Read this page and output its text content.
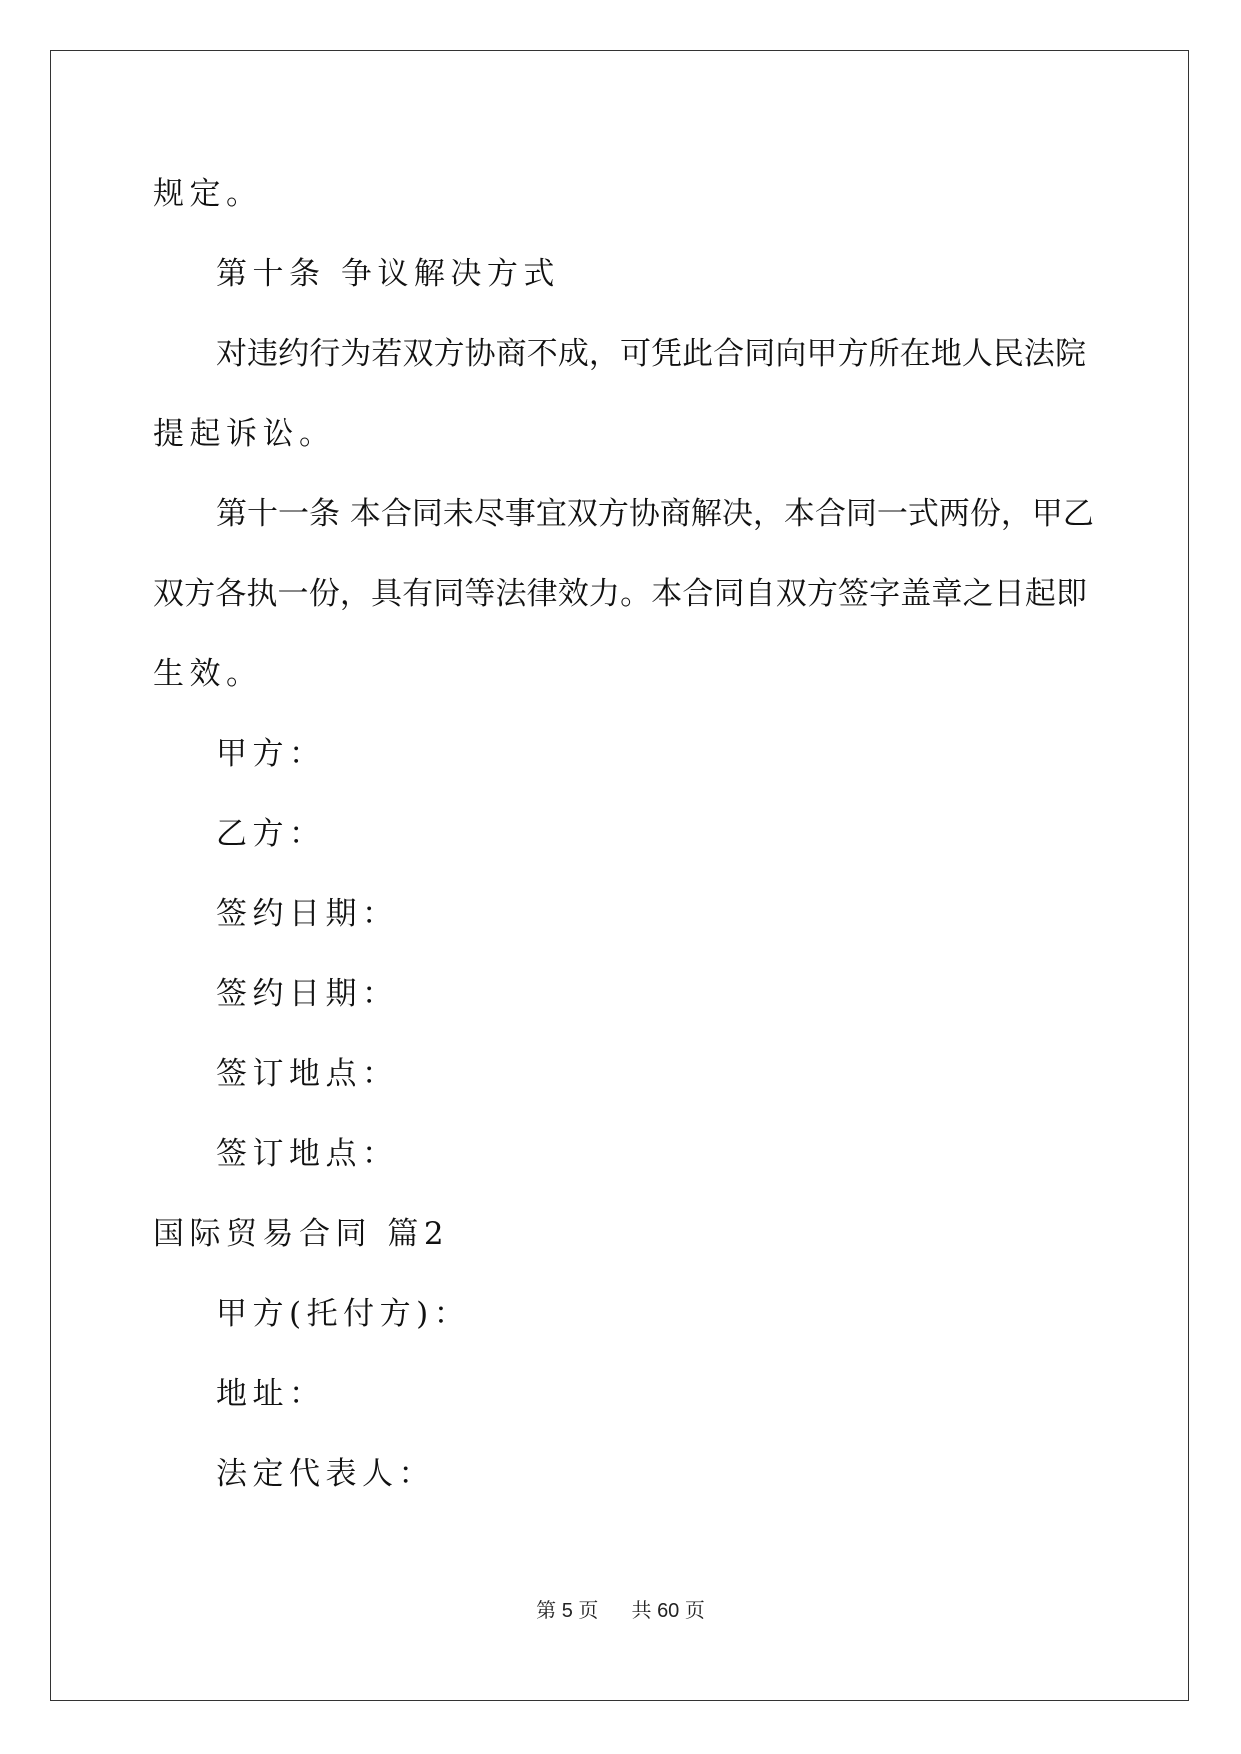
规定。
第十条 争议解决方式
对违约行为若双方协商不成，可凭此合同向甲方所在地人民法院
提起诉讼。
第十一条 本合同未尽事宜双方协商解决，本合同一式两份，甲乙
双方各执一份，具有同等法律效力。本合同自双方签字盖章之日起即
生效。
甲方：
乙方：
签约日期：
签约日期：
签订地点：
签订地点：
国际贸易合同 篇2
甲方(托付方)：
地址：
法定代表人：
第 5 页 共 60 页
